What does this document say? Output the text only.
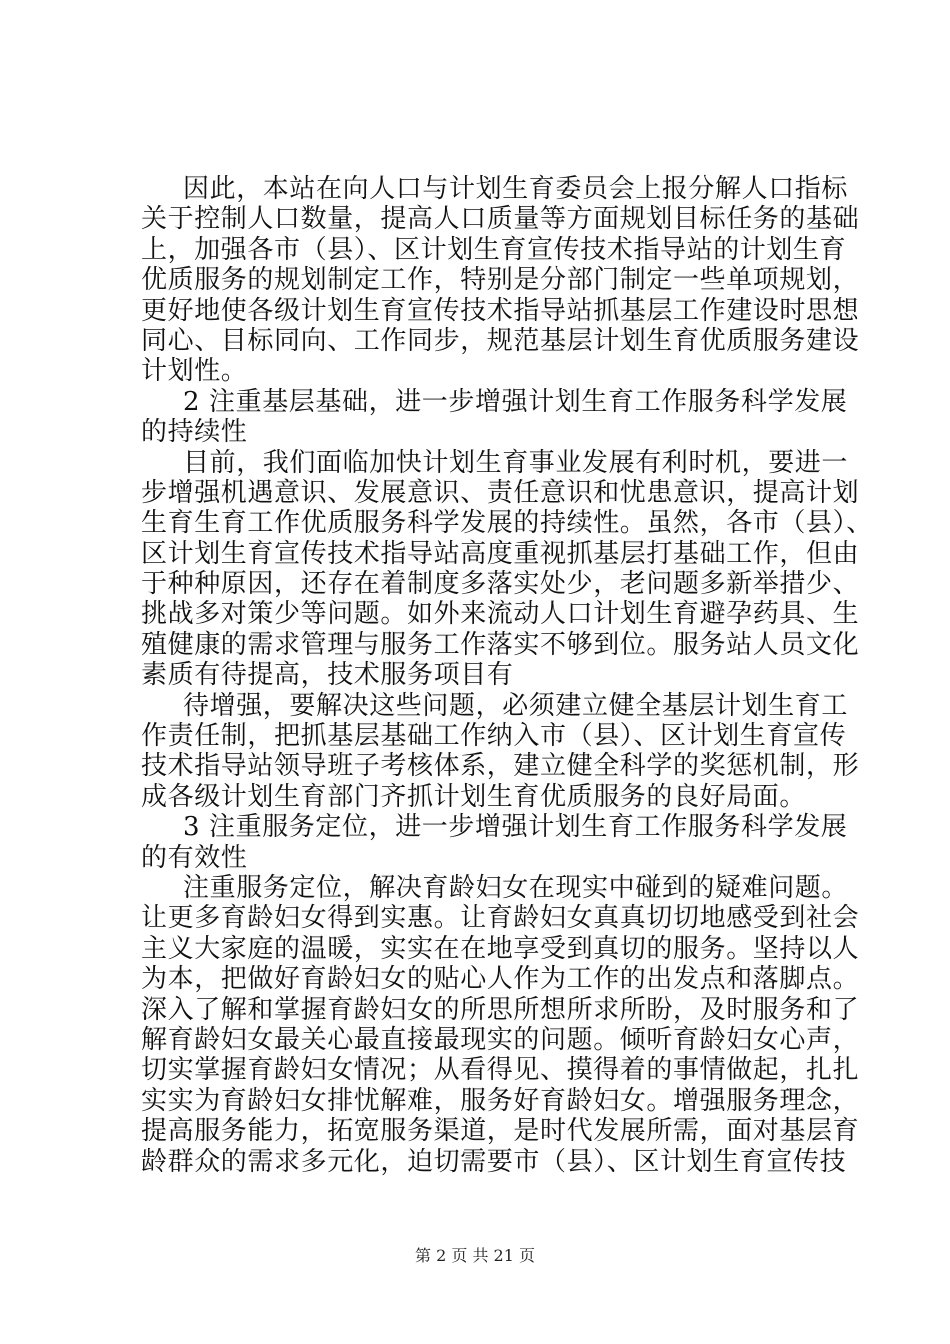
因此，本站在向人口与计划生育委员会上报分解人口指标
关于控制人口数量，提高人口质量等方面规划目标任务的基础
上，加强各市（县）、区计划生育宣传技术指导站的计划生育
优质服务的规划制定工作，特别是分部门制定一些单项规划，
更好地使各级计划生育宣传技术指导站抓基层工作建设时思想
同心、目标同向、工作同步，规范基层计划生育优质服务建设
计划性。
2 注重基层基础，进一步增强计划生育工作服务科学发展
的持续性
目前，我们面临加快计划生育事业发展有利时机，要进一
步增强机遇意识、发展意识、责任意识和忧患意识，提高计划
生育生育工作优质服务科学发展的持续性。虽然，各市（县）、
区计划生育宣传技术指导站高度重视抓基层打基础工作，但由
于种种原因，还存在着制度多落实处少，老问题多新举措少、
挑战多对策少等问题。如外来流动人口计划生育避孕药具、生
殖健康的需求管理与服务工作落实不够到位。服务站人员文化
素质有待提高，技术服务项目有
待增强，要解决这些问题，必须建立健全基层计划生育工
作责任制，把抓基层基础工作纳入市（县）、区计划生育宣传
技术指导站领导班子考核体系，建立健全科学的奖惩机制，形
成各级计划生育部门齐抓计划生育优质服务的良好局面。
3 注重服务定位，进一步增强计划生育工作服务科学发展
的有效性
注重服务定位，解决育龄妇女在现实中碰到的疑难问题。
让更多育龄妇女得到实惠。让育龄妇女真真切切地感受到社会
主义大家庭的温暖，实实在在地享受到真切的服务。坚持以人
为本，把做好育龄妇女的贴心人作为工作的出发点和落脚点。
深入了解和掌握育龄妇女的所思所想所求所盼，及时服务和了
解育龄妇女最关心最直接最现实的问题。倾听育龄妇女心声，
切实掌握育龄妇女情况；从看得见、摸得着的事情做起，扎扎
实实为育龄妇女排忧解难，服务好育龄妇女。增强服务理念，
提高服务能力，拓宽服务渠道，是时代发展所需，面对基层育
龄群众的需求多元化，迫切需要市（县）、区计划生育宣传技
第 2 页 共 21 页
